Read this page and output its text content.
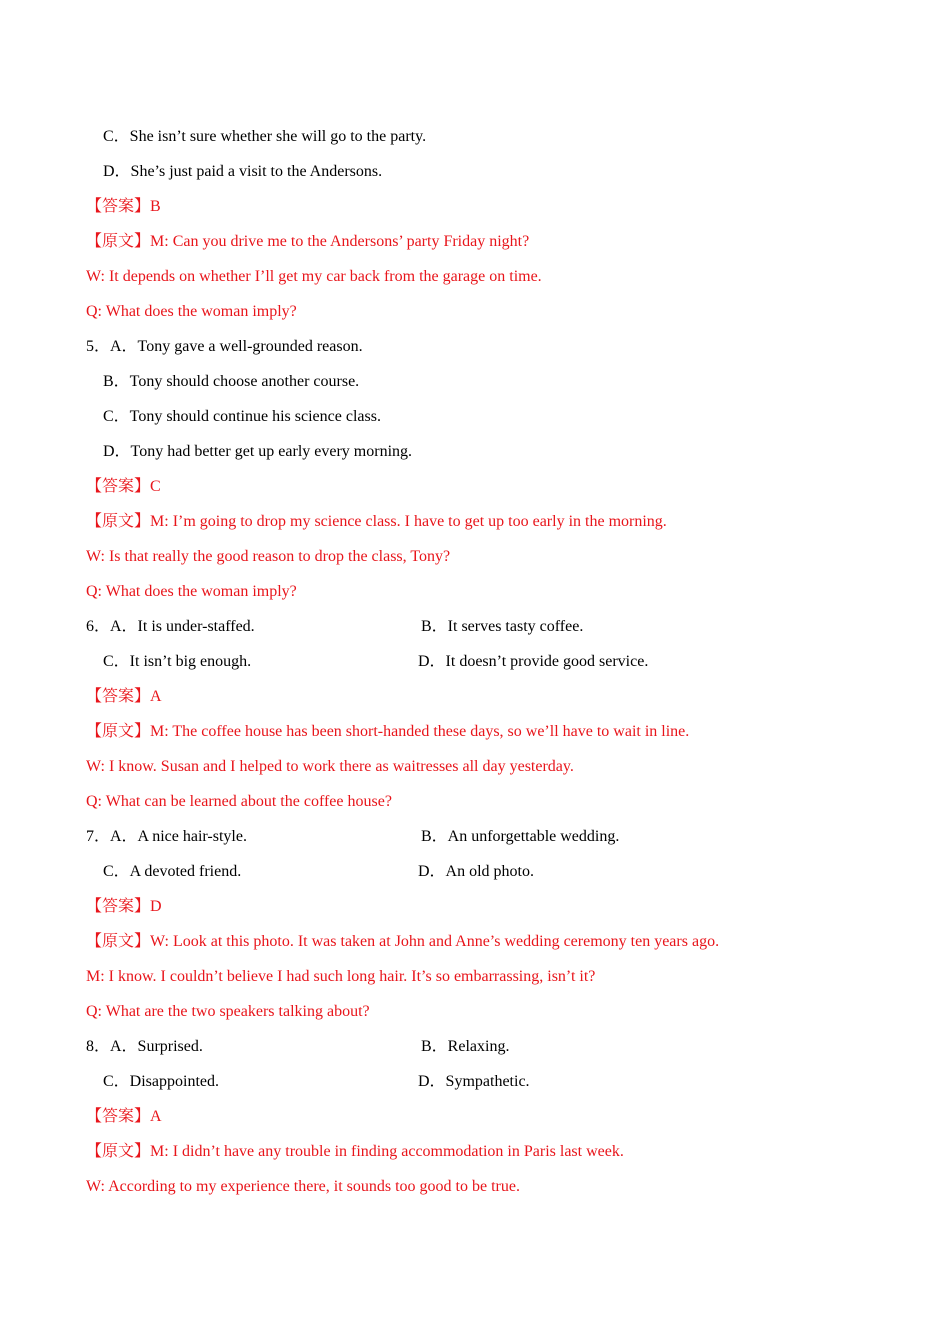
C．She isn’t sure whether she will go to the party.
D．She’s just paid a visit to the Andersons.
【答案】B
【原文】M: Can you drive me to the Andersons’ party Friday night?
W: It depends on whether I’ll get my car back from the garage on time.
Q: What does the woman imply?
5．A．Tony gave a well-grounded reason.
B．Tony should choose another course.
C．Tony should continue his science class.
D．Tony had better get up early every morning.
【答案】C
【原文】M: I’m going to drop my science class. I have to get up too early in the morning.
W: Is that really the good reason to drop the class, Tony?
Q: What does the woman imply?
6．A．It is under-staffed.	B．It serves tasty coffee.
C．It isn’t big enough.	D．It doesn’t provide good service.
【答案】A
【原文】M: The coffee house has been short-handed these days, so we’ll have to wait in line.
W: I know. Susan and I helped to work there as waitresses all day yesterday.
Q: What can be learned about the coffee house?
7．A．A nice hair-style.	B．An unforgettable wedding.
C．A devoted friend.	D．An old photo.
【答案】D
【原文】W: Look at this photo. It was taken at John and Anne’s wedding ceremony ten years ago.
M: I know. I couldn’t believe I had such long hair. It’s so embarrassing, isn’t it?
Q: What are the two speakers talking about?
8．A．Surprised.	B．Relaxing.
C．Disappointed.	D．Sympathetic.
【答案】A
【原文】M: I didn’t have any trouble in finding accommodation in Paris last week.
W: According to my experience there, it sounds too good to be true.
